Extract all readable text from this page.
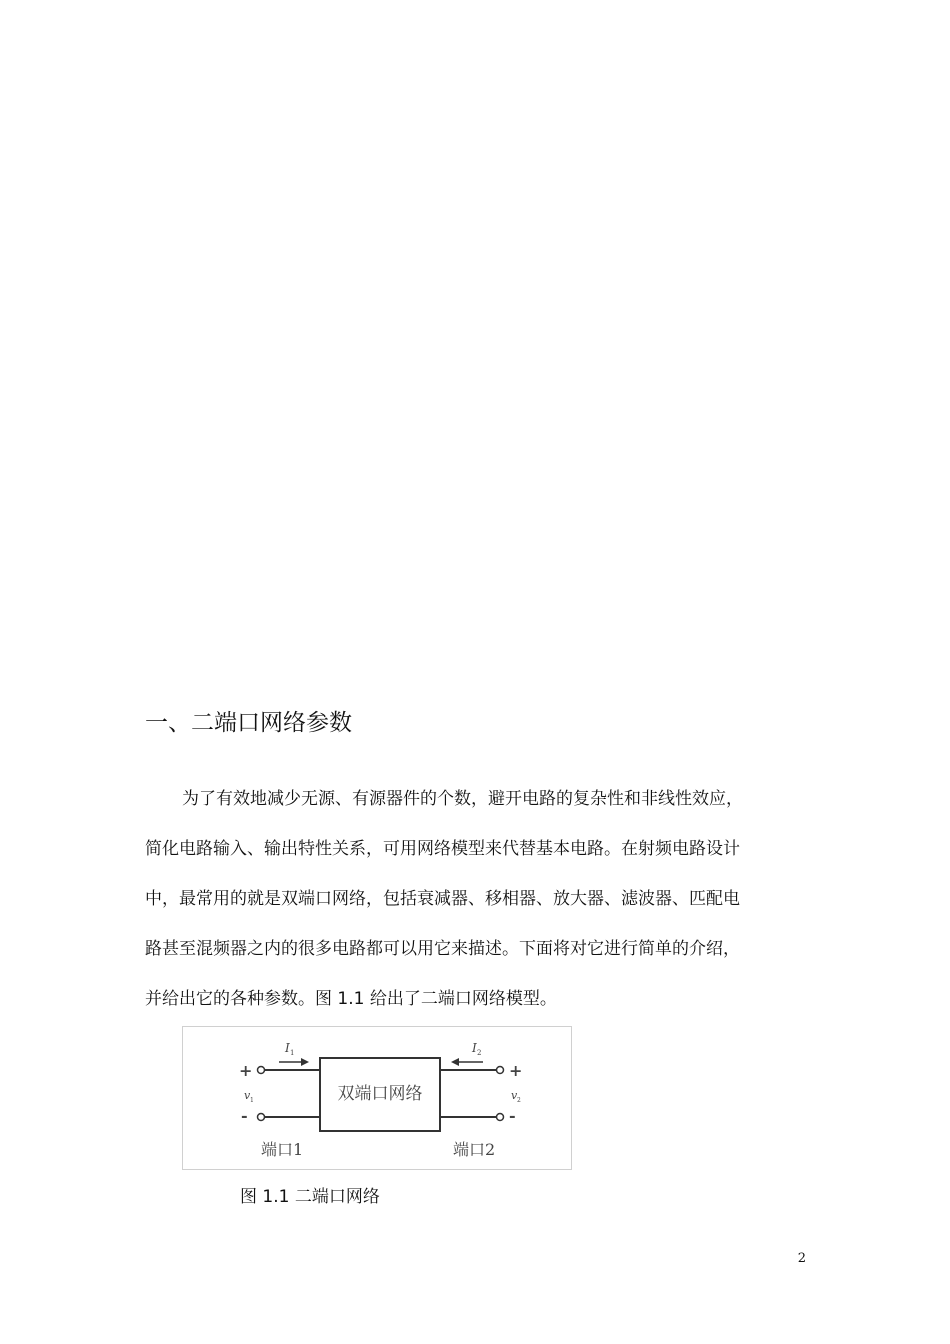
一、二端口网络参数

为了有效地减少无源、有源器件的个数，避开电路的复杂性和非线性效应，

简化电路输入、输出特性关系，可用网络模型来代替基本电路。在射频电路设计

中，最常用的就是双端口网络，包括衰减器、移相器、放大器、滤波器、匹配电

路甚至混频器之内的很多电路都可以用它来描述。下面将对它进行简单的介绍，

并给出它的各种参数。图 1.1 给出了二端口网络模型。

双端口网络
I 1	I 2
+
-
+
-
v 1	v 2
端口1	端口2

图 1.1 二端口网络

2
